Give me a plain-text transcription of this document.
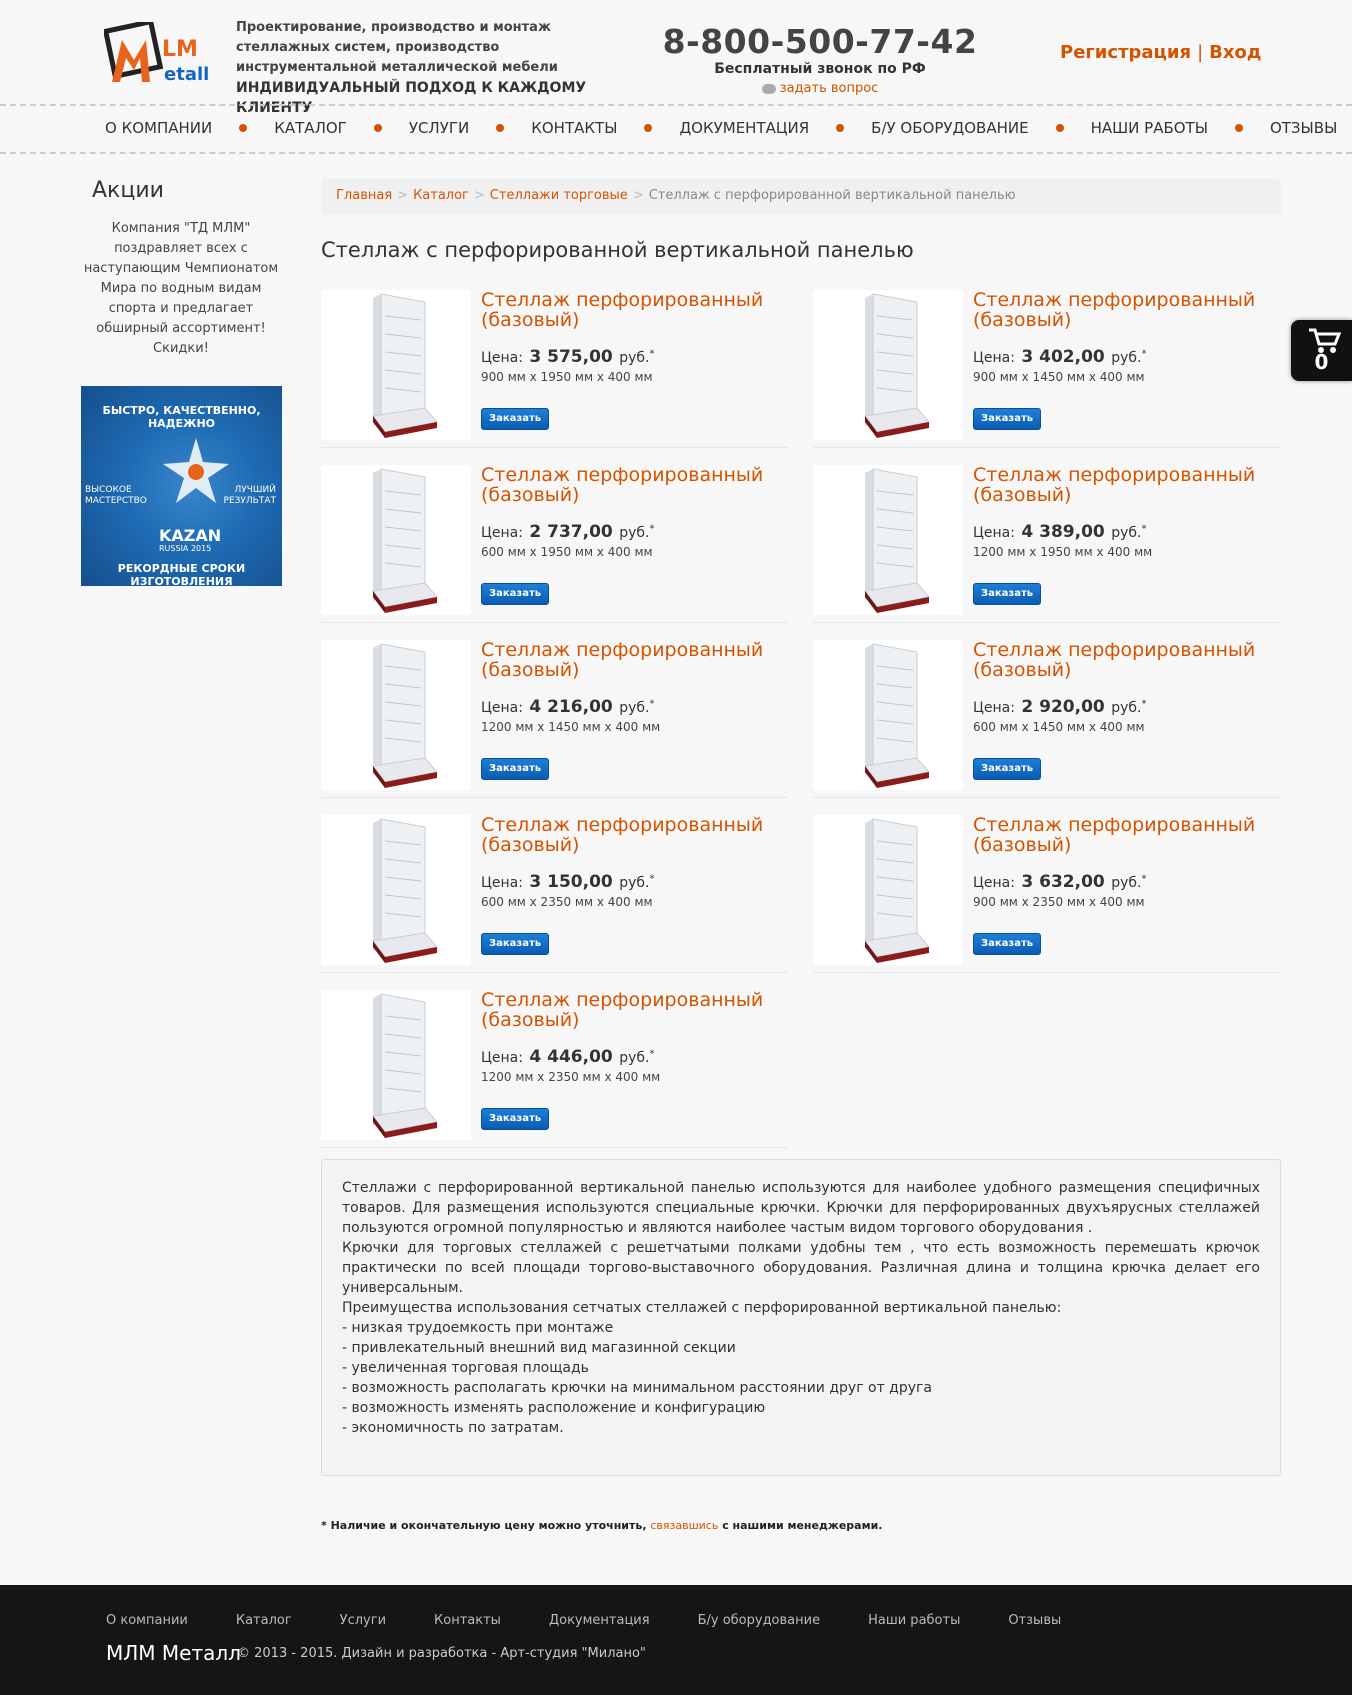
LM
etall
Проектирование, производство и монтаж
стеллажных систем, производство
инструментальной металлической мебели
ИНДИВИДУАЛЬНЫЙ ПОДХОД К КАЖДОМУ КЛИЕНТУ
8-800-500-77-42
Бесплатный звонок по РФ
задать вопрос
Регистрация | Вход
О КОМПАНИИ	КАТАЛОГ	УСЛУГИ	КОНТАКТЫ	ДОКУМЕНТАЦИЯ	Б/У ОБОРУДОВАНИЕ	НАШИ РАБОТЫ	ОТЗЫВЫ
Акции
Компания "ТД МЛМ" поздравляет всех с наступающим Чемпионатом Мира по водным видам спорта и предлагает обширный ассортимент! Скидки!
БЫСТРО, КАЧЕСТВЕННО, НАДЕЖНО
ВЫСОКОЕ
МАСТЕРСТВО
ЛУЧШИЙ
РЕЗУЛЬТАТ
KAZAN
RUSSIA 2015
РЕКОРДНЫЕ СРОКИ ИЗГОТОВЛЕНИЯ
Главная > Каталог > Стеллажи торговые > Стеллаж с перфорированной вертикальной панелью
Стеллаж с перфорированной вертикальной панелью
Стеллаж перфорированный (базовый)
Цена: 3 575,00 руб.*
900 мм x 1950 мм x 400 мм
Заказать
Стеллаж перфорированный (базовый)
Цена: 3 402,00 руб.*
900 мм x 1450 мм x 400 мм
Заказать
Стеллаж перфорированный (базовый)
Цена: 2 737,00 руб.*
600 мм x 1950 мм x 400 мм
Заказать
Стеллаж перфорированный (базовый)
Цена: 4 389,00 руб.*
1200 мм x 1950 мм x 400 мм
Заказать
Стеллаж перфорированный (базовый)
Цена: 4 216,00 руб.*
1200 мм x 1450 мм x 400 мм
Заказать
Стеллаж перфорированный (базовый)
Цена: 2 920,00 руб.*
600 мм x 1450 мм x 400 мм
Заказать
Стеллаж перфорированный (базовый)
Цена: 3 150,00 руб.*
600 мм x 2350 мм x 400 мм
Заказать
Стеллаж перфорированный (базовый)
Цена: 3 632,00 руб.*
900 мм x 2350 мм x 400 мм
Заказать
Стеллаж перфорированный (базовый)
Цена: 4 446,00 руб.*
1200 мм x 2350 мм x 400 мм
Заказать

Стеллажи с перфорированной вертикальной панелью используются для наиболее удобного размещения специфичных товаров. Для размещения используются специальные крючки. Крючки для перфорированных двухъярусных стеллажей пользуются огромной популярностью и являются наиболее частым видом торгового оборудования .

Крючки для торговых стеллажей с решетчатыми полками удобны тем , что есть возможность перемешать крючок практически по всей площади торгово-выставочного оборудования. Различная длина и толщина крючка делает его универсальным.

Преимущества использования сетчатых стеллажей с перфорированной вертикальной панелью:

- низкая трудоемкость при монтаже

- привлекательный внешний вид магазинной секции

- увеличенная торговая площадь

- возможность располагать крючки на минимальном расстоянии друг от друга

- возможность изменять расположение и конфигурацию

- экономичность по затратам.

* Наличие и окончательную цену можно уточнить, связавшись с нашими менеджерами.
0
О компании	Каталог	Услуги	Контакты	Документация	Б/у оборудование	Наши работы	Отзывы
МЛМ Металл
© 2013 - 2015. Дизайн и разработка - Арт-студия "Милано"
